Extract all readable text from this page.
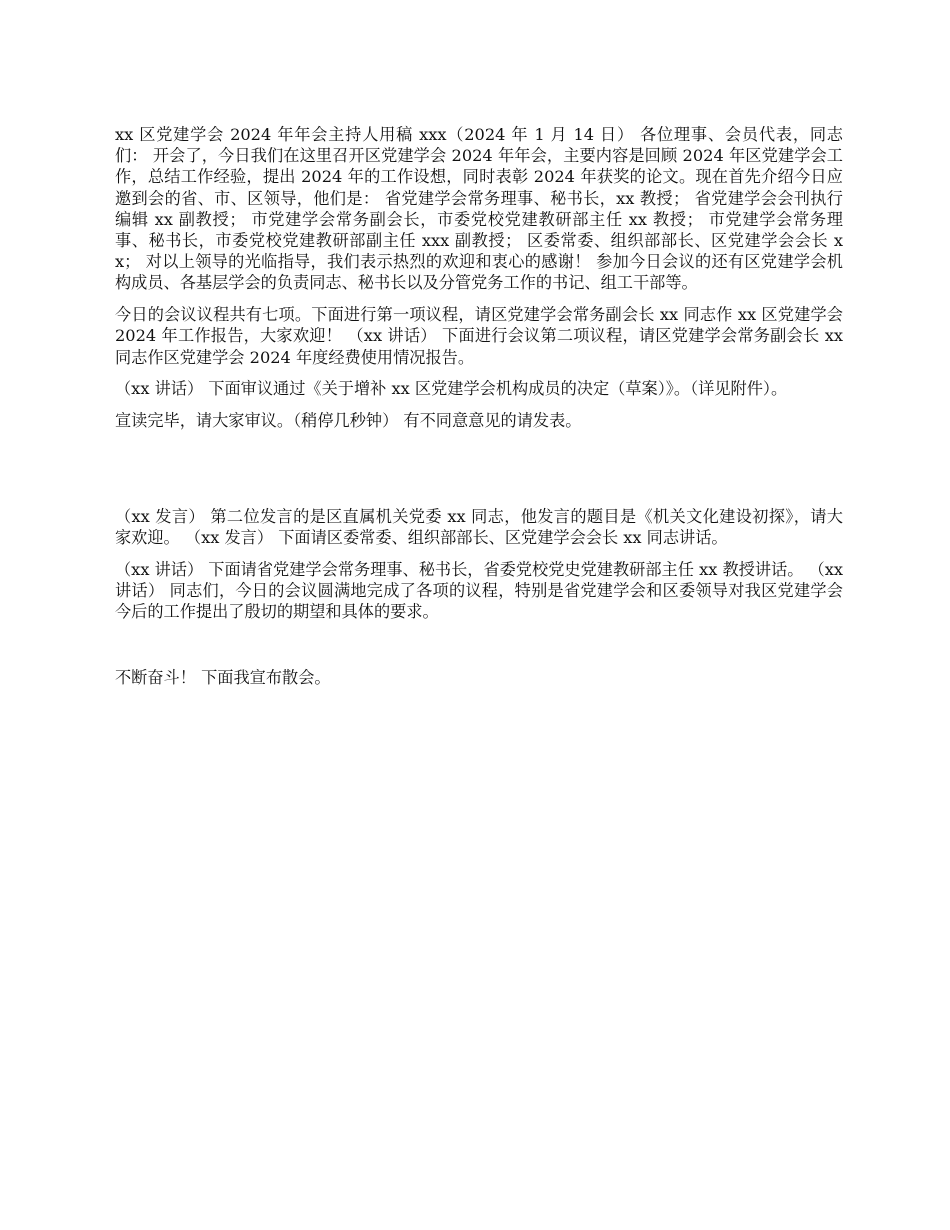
xx 区党建学会 2024 年年会主持人用稿 xxx（2024 年 1 月 14 日） 各位理事、会员代表，同志们： 开会了，今日我们在这里召开区党建学会 2024 年年会，主要内容是回顾 2024 年区党建学会工作，总结工作经验，提出 2024 年的工作设想，同时表彰 2024 年获奖的论文。现在首先介绍今日应邀到会的省、市、区领导，他们是： 省党建学会常务理事、秘书长，xx 教授； 省党建学会会刊执行编辑 xx 副教授； 市党建学会常务副会长，市委党校党建教研部主任 xx 教授； 市党建学会常务理事、秘书长，市委党校党建教研部副主任 xxx 副教授； 区委常委、组织部部长、区党建学会会长 xx； 对以上领导的光临指导，我们表示热烈的欢迎和衷心的感谢！ 参加今日会议的还有区党建学会机构成员、各基层学会的负责同志、秘书长以及分管党务工作的书记、组工干部等。

今日的会议议程共有七项。下面进行第一项议程，请区党建学会常务副会长 xx 同志作 xx 区党建学会 2024 年工作报告，大家欢迎！ （xx 讲话） 下面进行会议第二项议程，请区党建学会常务副会长 xx 同志作区党建学会 2024 年度经费使用情况报告。

（xx 讲话） 下面审议通过《关于增补 xx 区党建学会机构成员的决定（草案）》。（详见附件）。

宣读完毕，请大家审议。（稍停几秒钟） 有不同意意见的请发表。

（xx 发言） 第二位发言的是区直属机关党委 xx 同志，他发言的题目是《机关文化建设初探》，请大家欢迎。 （xx 发言） 下面请区委常委、组织部部长、区党建学会会长 xx 同志讲话。

（xx 讲话） 下面请省党建学会常务理事、秘书长，省委党校党史党建教研部主任 xx 教授讲话。 （xx 讲话） 同志们，今日的会议圆满地完成了各项的议程，特别是省党建学会和区委领导对我区党建学会今后的工作提出了殷切的期望和具体的要求。

不断奋斗！ 下面我宣布散会。
